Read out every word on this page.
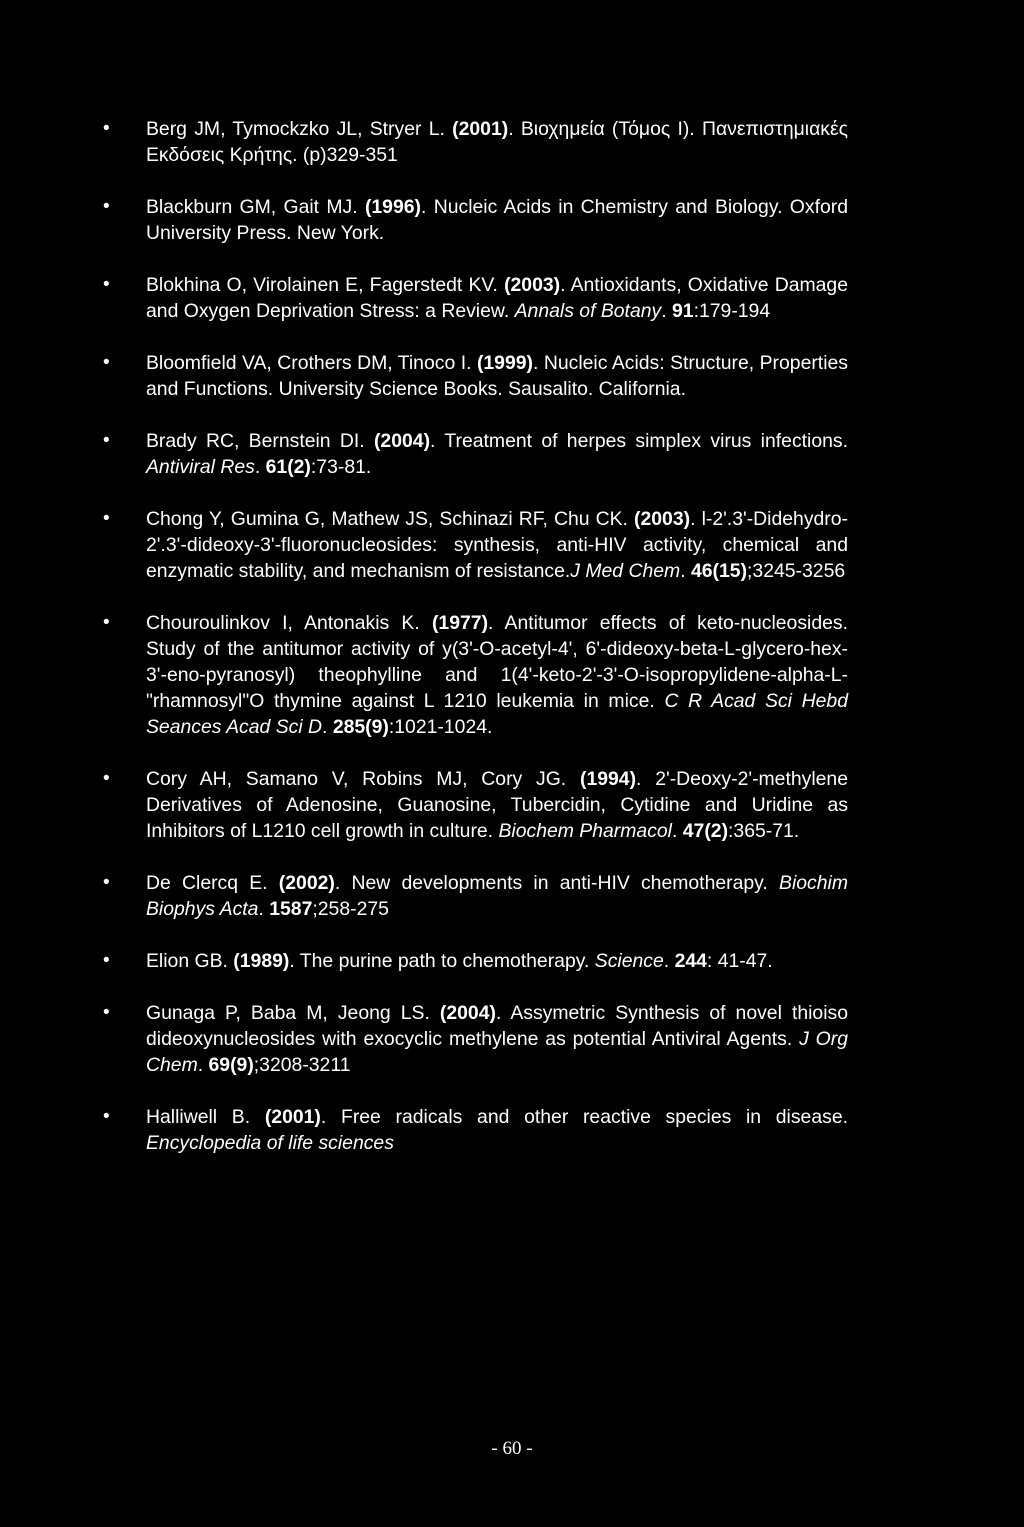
• Berg JM, Tymockzko JL, Stryer L. (2001). Βιοχημεία (Τόμος I). Πανεπιστημιακές Εκδόσεις Κρήτης. (p)329-351
• Blackburn GM, Gait MJ. (1996). Nucleic Acids in Chemistry and Biology. Oxford University Press. New York.
• Blokhina O, Virolainen E, Fagerstedt KV. (2003). Antioxidants, Oxidative Damage and Oxygen Deprivation Stress: a Review. Annals of Botany. 91:179-194
• Bloomfield VA, Crothers DM, Tinoco I. (1999). Nucleic Acids: Structure, Properties and Functions. University Science Books. Sausalito. California.
• Brady RC, Bernstein DI. (2004). Treatment of herpes simplex virus infections. Antiviral Res. 61(2):73-81.
• Chong Y, Gumina G, Mathew JS, Schinazi RF, Chu CK. (2003). l-2'.3'-Didehydro-2'.3'-dideoxy-3'-fluoronucleosides: synthesis, anti-HIV activity, chemical and enzymatic stability, and mechanism of resistance.J Med Chem. 46(15);3245-3256
• Chouroulinkov I, Antonakis K. (1977). Antitumor effects of keto-nucleosides. Study of the antitumor activity of y(3'-O-acetyl-4', 6'-dideoxy-beta-L-glycero-hex-3'-eno-pyranosyl) theophylline and 1(4'-keto-2'-3'-O-isopropylidene-alpha-L-"rhamnosyl"O thymine against L 1210 leukemia in mice. C R Acad Sci Hebd Seances Acad Sci D. 285(9):1021-1024.
• Cory AH, Samano V, Robins MJ, Cory JG. (1994). 2'-Deoxy-2'-methylene Derivatives of Adenosine, Guanosine, Tubercidin, Cytidine and Uridine as Inhibitors of L1210 cell growth in culture. Biochem Pharmacol. 47(2):365-71.
• De Clercq E. (2002). New developments in anti-HIV chemotherapy. Biochim Biophys Acta. 1587;258-275
• Elion GB. (1989). The purine path to chemotherapy. Science. 244: 41-47.
• Gunaga P, Baba M, Jeong LS. (2004). Assymetric Synthesis of novel thioiso dideoxynucleosides with exocyclic methylene as potential Antiviral Agents. J Org Chem. 69(9);3208-3211
• Halliwell B. (2001). Free radicals and other reactive species in disease. Encyclopedia of life sciences
- 60 -
